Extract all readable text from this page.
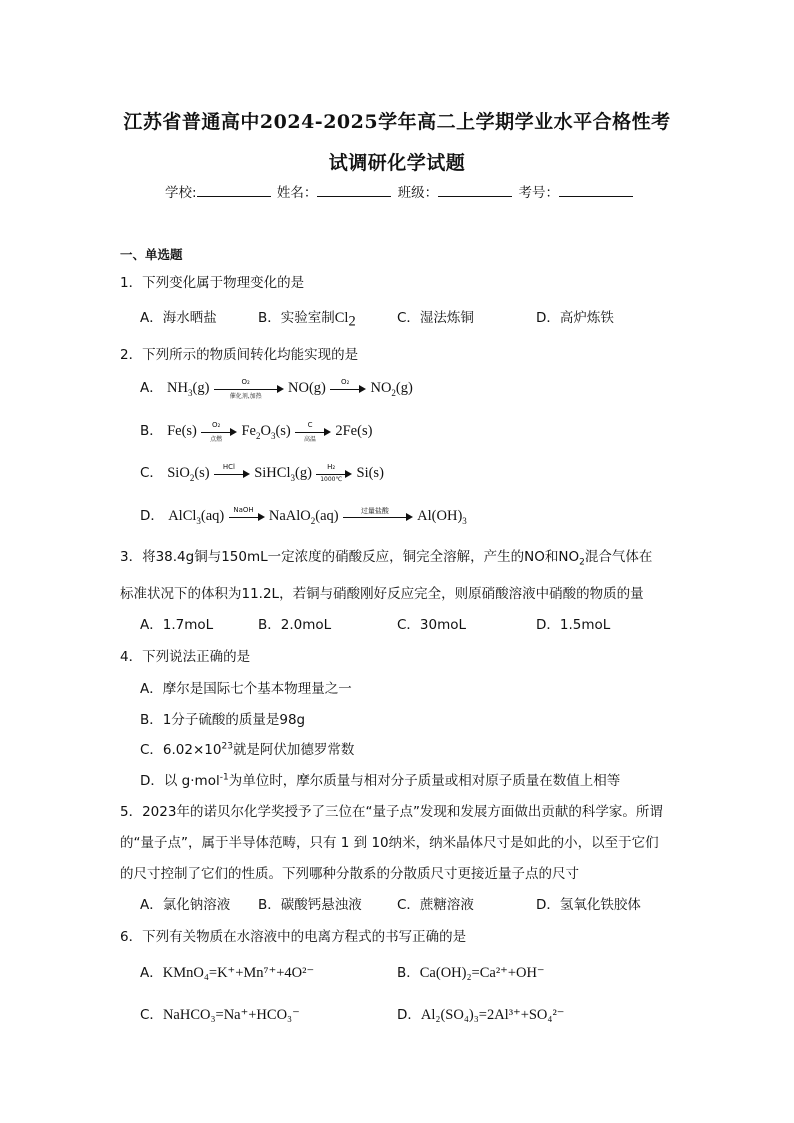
江苏省普通高中2024-2025学年高二上学期学业水平合格性考
试调研化学试题
学校:	姓名：	班级：	考号：
一、单选题
1．下列变化属于物理变化的是
A．海水晒盐	B．实验室制$Cl_2$	C．湿法炼铜	D．高炉炼铁
2．下列所示的物质间转化均能实现的是
A． $NH_3(g)$	O₂
催化剂,加热
NO(g)	O₂	$NO_2(g)$
B． Fe(s)	O₂
点燃
$Fe_2O_3(s)$	C
高温
2Fe(s)
C． SiO$_2$(s)	HCl	SiHCl$_3$(g) $\frac{\text{H₂}}{1000℃} Si(s)$
D． AlCl$_3$(aq)	NaOH	NaAlO$_2$(aq)	过量盐酸	$Al(OH)_3$
3．将38.4g铜与150mL一定浓度的硝酸反应，铜完全溶解，产生的NO和$NO_2$混合气体在
标准状况下的体积为11.2L，若铜与硝酸刚好反应完全，则原硝酸溶液中硝酸的物质的量
A．1.7moL	B．2.0moL	C．30moL	D．1.5moL
4．下列说法正确的是
A．摩尔是国际七个基本物理量之一
B．1分子硫酸的质量是98g
C．$6.02\times 10^{23}$就是阿伏加德罗常数
D．以 g·mol$^{-1}$为单位时，摩尔质量与相对分子质量或相对原子质量在数值上相等
5．2023年的诺贝尔化学奖授予了三位在“量子点”发现和发展方面做出贡献的科学家。所谓
的“量子点”，属于半导体范畴，只有 1 到 10纳米，纳米晶体尺寸是如此的小，以至于它们
的尺寸控制了它们的性质。下列哪种分散系的分散质尺寸更接近量子点的尺寸
A．氯化钠溶液 B．碳酸钙悬浊液	C．蔗糖溶液	D．氢氧化铁胶体
6．下列有关物质在水溶液中的电离方程式的书写正确的是
A．KMnO₄=K⁺+Mn⁷⁺+4O²⁻	B．Ca(OH)₂=Ca²⁺+OH⁻
C．NaHCO₃=Na⁺+HCO₃⁻	D．Al₂(SO₄)₃=2Al³⁺+SO₄²⁻
